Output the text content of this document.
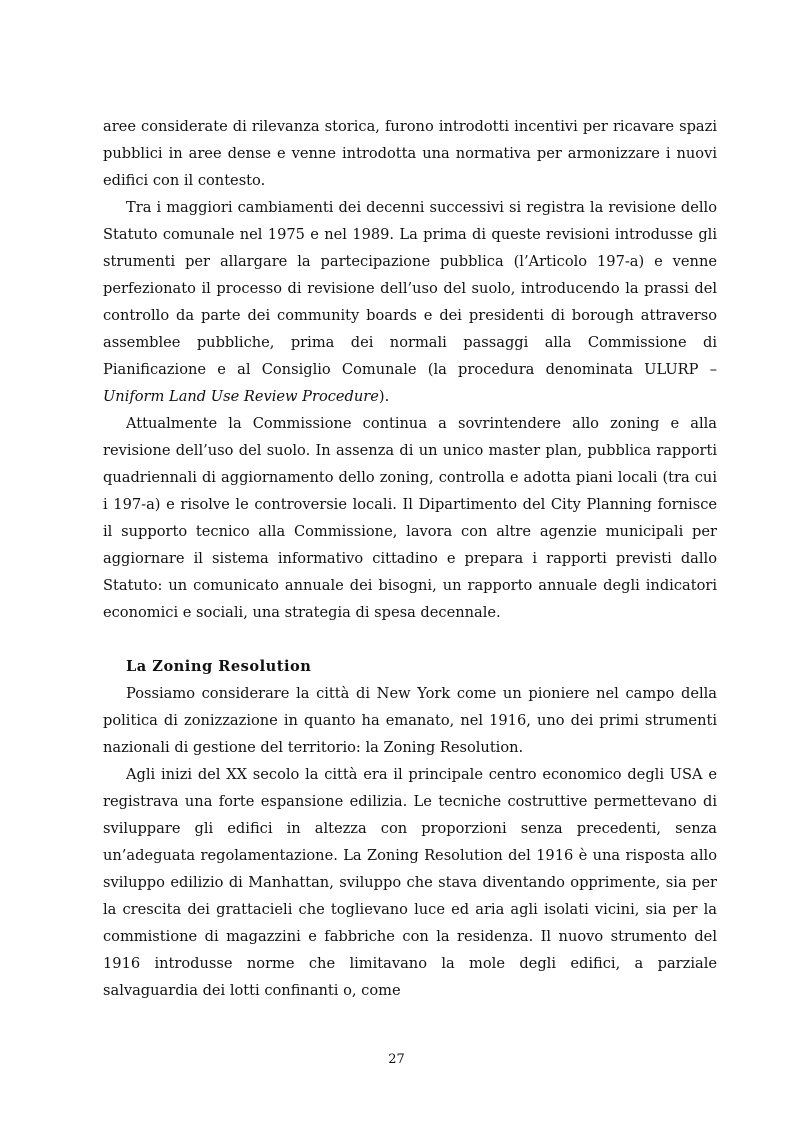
aree considerate di rilevanza storica, furono introdotti incentivi per ricavare spazi pubblici in aree dense e venne introdotta una normativa per armonizzare i nuovi edifici con il contesto.

Tra i maggiori cambiamenti dei decenni successivi si registra la revisione dello Statuto comunale nel 1975 e nel 1989. La prima di queste revisioni introdusse gli strumenti per allargare la partecipazione pubblica (l’Articolo 197-a) e venne perfezionato il processo di revisione dell’uso del suolo, introducendo la prassi del controllo da parte dei community boards e dei presidenti di borough attraverso assemblee pubbliche, prima dei normali passaggi alla Commissione di Pianificazione e al Consiglio Comunale (la procedura denominata ULURP – Uniform Land Use Review Procedure).

Attualmente la Commissione continua a sovrintendere allo zoning e alla revisione dell’uso del suolo. In assenza di un unico master plan, pubblica rapporti quadriennali di aggiornamento dello zoning, controlla e adotta piani locali (tra cui i 197-a) e risolve le controversie locali. Il Dipartimento del City Planning fornisce il supporto tecnico alla Commissione, lavora con altre agenzie municipali per aggiornare il sistema informativo cittadino e prepara i rapporti previsti dallo Statuto: un comunicato annuale dei bisogni, un rapporto annuale degli indicatori economici e sociali, una strategia di spesa decennale.

La Zoning Resolution

Possiamo considerare la città di New York come un pioniere nel campo della politica di zonizzazione in quanto ha emanato, nel 1916, uno dei primi strumenti nazionali di gestione del territorio: la Zoning Resolution.

Agli inizi del XX secolo la città era il principale centro economico degli USA e registrava una forte espansione edilizia. Le tecniche costruttive permettevano di sviluppare gli edifici in altezza con proporzioni senza precedenti, senza un’adeguata regolamentazione. La Zoning Resolution del 1916 è una risposta allo sviluppo edilizio di Manhattan, sviluppo che stava diventando opprimente, sia per la crescita dei grattacieli che toglievano luce ed aria agli isolati vicini, sia per la commistione di magazzini e fabbriche con la residenza. Il nuovo strumento del 1916 introdusse norme che limitavano la mole degli edifici, a parziale salvaguardia dei lotti confinanti o, come

27
